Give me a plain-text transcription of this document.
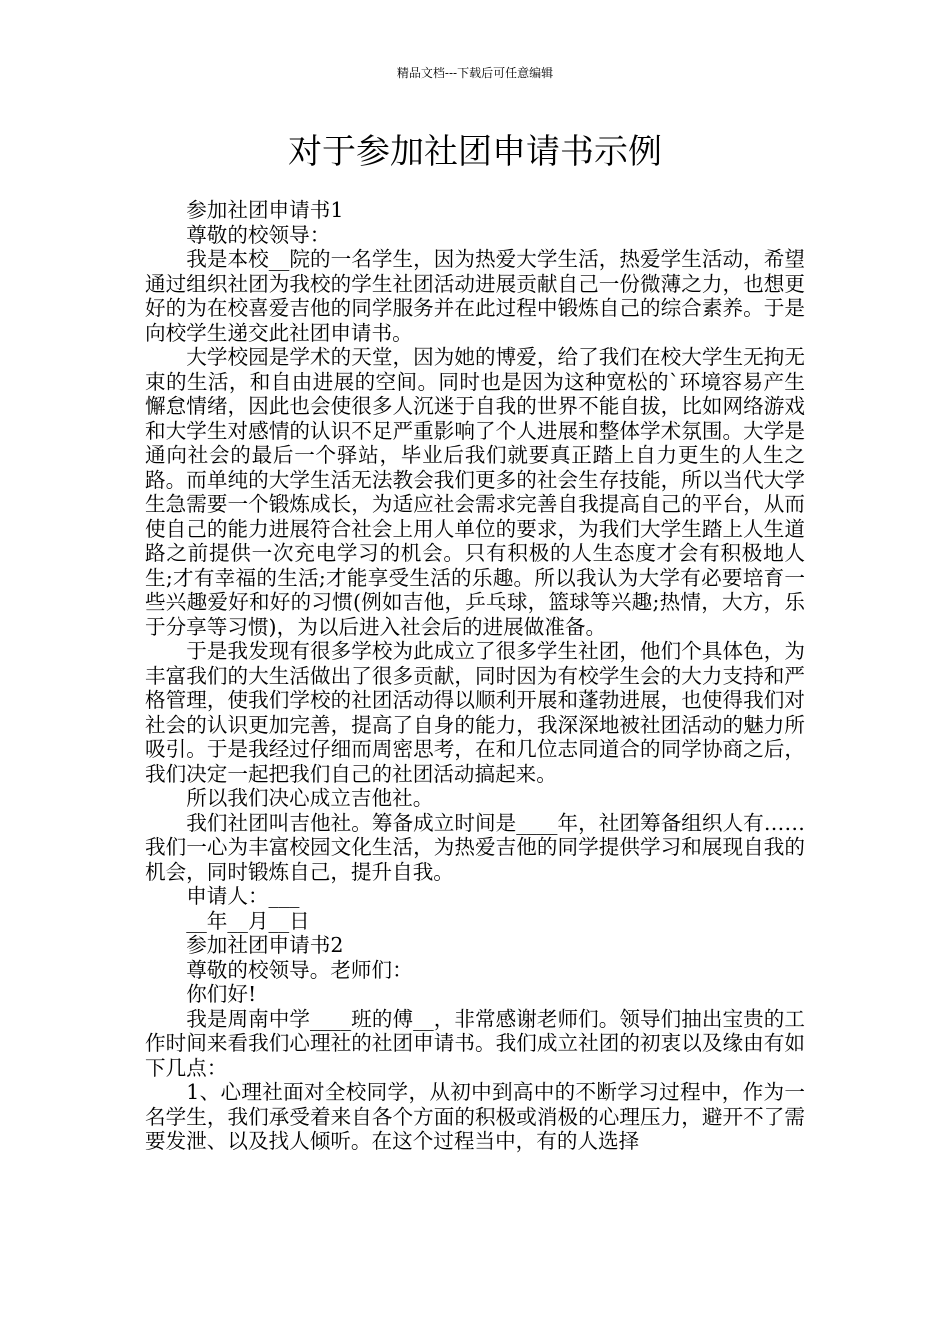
精品文档---下载后可任意编辑
对于参加社团申请书示例

参加社团申请书1

尊敬的校领导：

我是本校__院的一名学生，因为热爱大学生活，热爱学生活动，希望通过组织社团为我校的学生社团活动进展贡献自己一份微薄之力，也想更好的为在校喜爱吉他的同学服务并在此过程中锻炼自己的综合素养。于是向校学生递交此社团申请书。

大学校园是学术的天堂，因为她的博爱，给了我们在校大学生无拘无束的生活，和自由进展的空间。同时也是因为这种宽松的`环境容易产生懈怠情绪，因此也会使很多人沉迷于自我的世界不能自拔，比如网络游戏和大学生对感情的认识不足严重影响了个人进展和整体学术氛围。大学是通向社会的最后一个驿站，毕业后我们就要真正踏上自力更生的人生之路。而单纯的大学生活无法教会我们更多的社会生存技能，所以当代大学生急需要一个锻炼成长，为适应社会需求完善自我提高自己的平台，从而使自己的能力进展符合社会上用人单位的要求，为我们大学生踏上人生道路之前提供一次充电学习的机会。只有积极的人生态度才会有积极地人生;才有幸福的生活;才能享受生活的乐趣。所以我认为大学有必要培育一些兴趣爱好和好的习惯(例如吉他，乒乓球，篮球等兴趣;热情，大方，乐于分享等习惯)，为以后进入社会后的进展做准备。

于是我发现有很多学校为此成立了很多学生社团，他们个具体色，为丰富我们的大生活做出了很多贡献，同时因为有校学生会的大力支持和严格管理，使我们学校的社团活动得以顺利开展和蓬勃进展，也使得我们对社会的认识更加完善，提高了自身的能力，我深深地被社团活动的魅力所吸引。于是我经过仔细而周密思考，在和几位志同道合的同学协商之后，我们决定一起把我们自己的社团活动搞起来。

所以我们决心成立吉他社。

我们社团叫吉他社。筹备成立时间是____年，社团筹备组织人有……我们一心为丰富校园文化生活，为热爱吉他的同学提供学习和展现自我的机会，同时锻炼自己，提升自我。

申请人：___

__年__月__日

参加社团申请书2

尊敬的校领导。老师们：

你们好!

我是周南中学____班的傅__，非常感谢老师们。领导们抽出宝贵的工作时间来看我们心理社的社团申请书。我们成立社团的初衷以及缘由有如下几点：

1、心理社面对全校同学，从初中到高中的不断学习过程中，作为一名学生，我们承受着来自各个方面的积极或消极的心理压力，避开不了需要发泄、以及找人倾听。在这个过程当中，有的人选择
